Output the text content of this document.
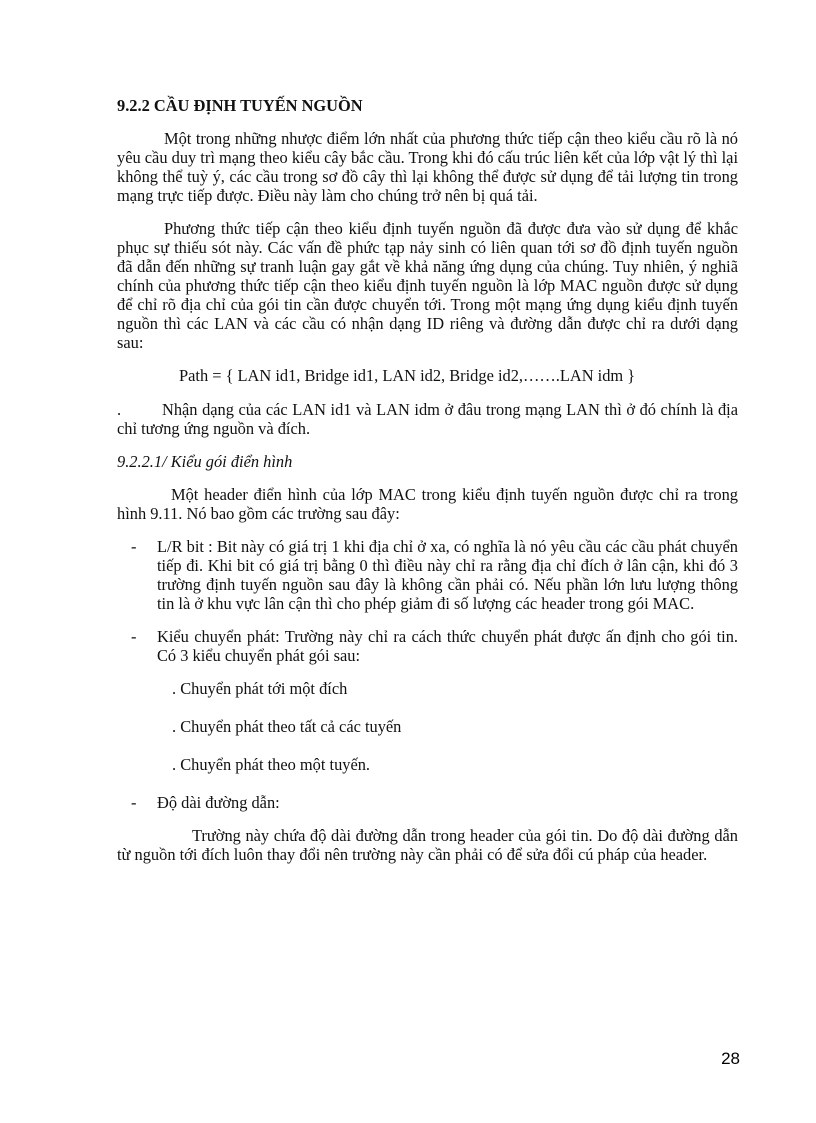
9.2.2 CẦU ĐỊNH TUYẾN NGUỒN

Một trong những nhược điểm lớn nhất của phương thức tiếp cận theo kiểu cầu rõ là nó yêu cầu duy trì mạng theo kiểu cây bắc cầu. Trong khi đó cấu trúc liên kết của lớp vật lý thì lại không thể tuỳ ý, các cầu trong sơ đồ cây thì lại không thể được sử dụng để tải lượng tin trong mạng trực tiếp được. Điều này làm cho chúng trở nên bị quá tải.

Phương thức tiếp cận theo kiểu định tuyến nguồn đã được đưa vào sử dụng để khắc phục sự thiếu sót này. Các vấn đề phức tạp nảy sinh có liên quan tới sơ đồ định tuyến nguồn đã dẫn đến những sự tranh luận gay gắt về khả năng ứng dụng của chúng. Tuy nhiên, ý nghiã chính của phương thức tiếp cận theo kiểu định tuyến nguồn là lớp MAC nguồn được sử dụng để chỉ rõ địa chỉ của gói tin cần được chuyển tới. Trong một mạng ứng dụng kiểu định tuyến nguồn thì các LAN và các cầu có nhận dạng ID riêng và đường dẫn được chỉ ra dưới dạng sau:

Path = { LAN id1, Bridge id1, LAN id2, Bridge id2,…….LAN idm }

. Nhận dạng của các LAN id1 và LAN idm ở đâu trong mạng LAN thì ở đó chính là địa chỉ tương ứng nguồn và đích.

9.2.2.1/ Kiểu gói điển hình

Một header điển hình của lớp MAC trong kiểu định tuyến nguồn được chỉ ra trong hình 9.11. Nó bao gồm các trường sau đây:

-	L/R bit : Bit này có giá trị 1 khi địa chỉ ở xa, có nghĩa là nó yêu cầu các cầu phát chuyển tiếp đi. Khi bit có giá trị bằng 0 thì điều này chỉ ra rằng địa chỉ đích ở lân cận, khi đó 3 trường định tuyến nguồn sau đây là không cần phải có. Nếu phần lớn lưu lượng thông tin là ở khu vực lân cận thì cho phép giảm đi số lượng các header trong gói MAC.
-	Kiểu chuyển phát: Trường này chỉ ra cách thức chuyển phát được ấn định cho gói tin. Có 3 kiểu chuyển phát gói sau:
. Chuyển phát tới một đích
. Chuyển phát theo tất cả các tuyến
. Chuyển phát theo một tuyến.
-	Độ dài đường dẫn:

Trường này chứa độ dài đường dẫn trong header của gói tin. Do độ dài đường dẫn từ nguồn tới đích luôn thay đổi nên trường này cần phải có để sửa đổi cú pháp của header.

28
